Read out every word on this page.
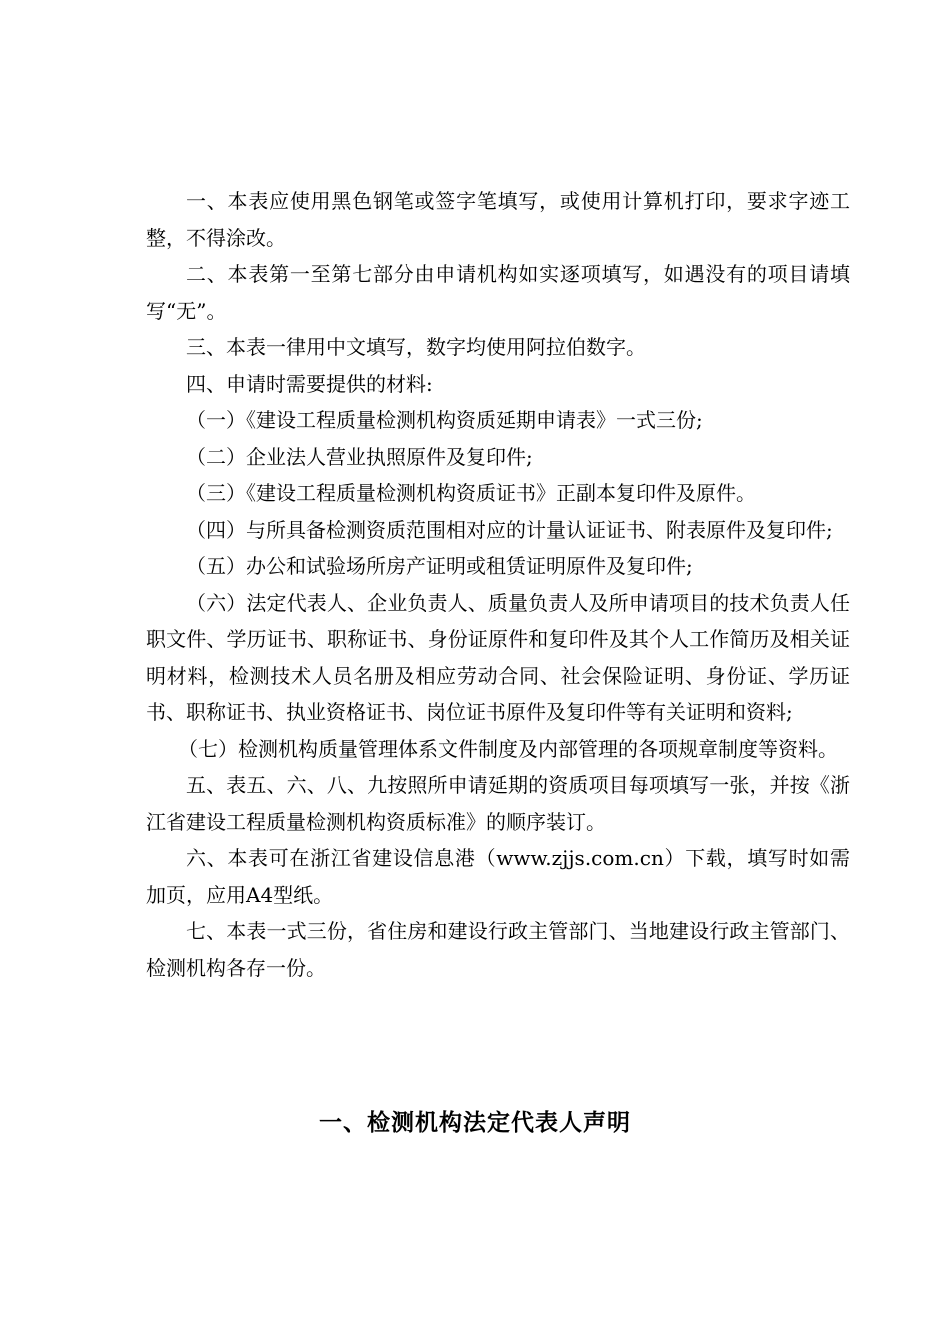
一、本表应使用黑色钢笔或签字笔填写，或使用计算机打印，要求字迹工整，不得涂改。

二、本表第一至第七部分由申请机构如实逐项填写，如遇没有的项目请填写“无”。

三、本表一律用中文填写，数字均使用阿拉伯数字。

四、申请时需要提供的材料:

（一）《建设工程质量检测机构资质延期申请表》一式三份;

（二）企业法人营业执照原件及复印件;

（三）《建设工程质量检测机构资质证书》正副本复印件及原件。

（四）与所具备检测资质范围相对应的计量认证证书、附表原件及复印件;

（五）办公和试验场所房产证明或租赁证明原件及复印件;

（六）法定代表人、企业负责人、质量负责人及所申请项目的技术负责人任职文件、学历证书、职称证书、身份证原件和复印件及其个人工作简历及相关证明材料，检测技术人员名册及相应劳动合同、社会保险证明、身份证、学历证书、职称证书、执业资格证书、岗位证书原件及复印件等有关证明和资料;

（七）检测机构质量管理体系文件制度及内部管理的各项规章制度等资料。

五、表五、六、八、九按照所申请延期的资质项目每项填写一张，并按《浙江省建设工程质量检测机构资质标准》的顺序装订。

六、本表可在浙江省建设信息港（www.zjjs.com.cn）下载，填写时如需加页，应用A4型纸。

七、本表一式三份，省住房和建设行政主管部门、当地建设行政主管部门、检测机构各存一份。

一、检测机构法定代表人声明
